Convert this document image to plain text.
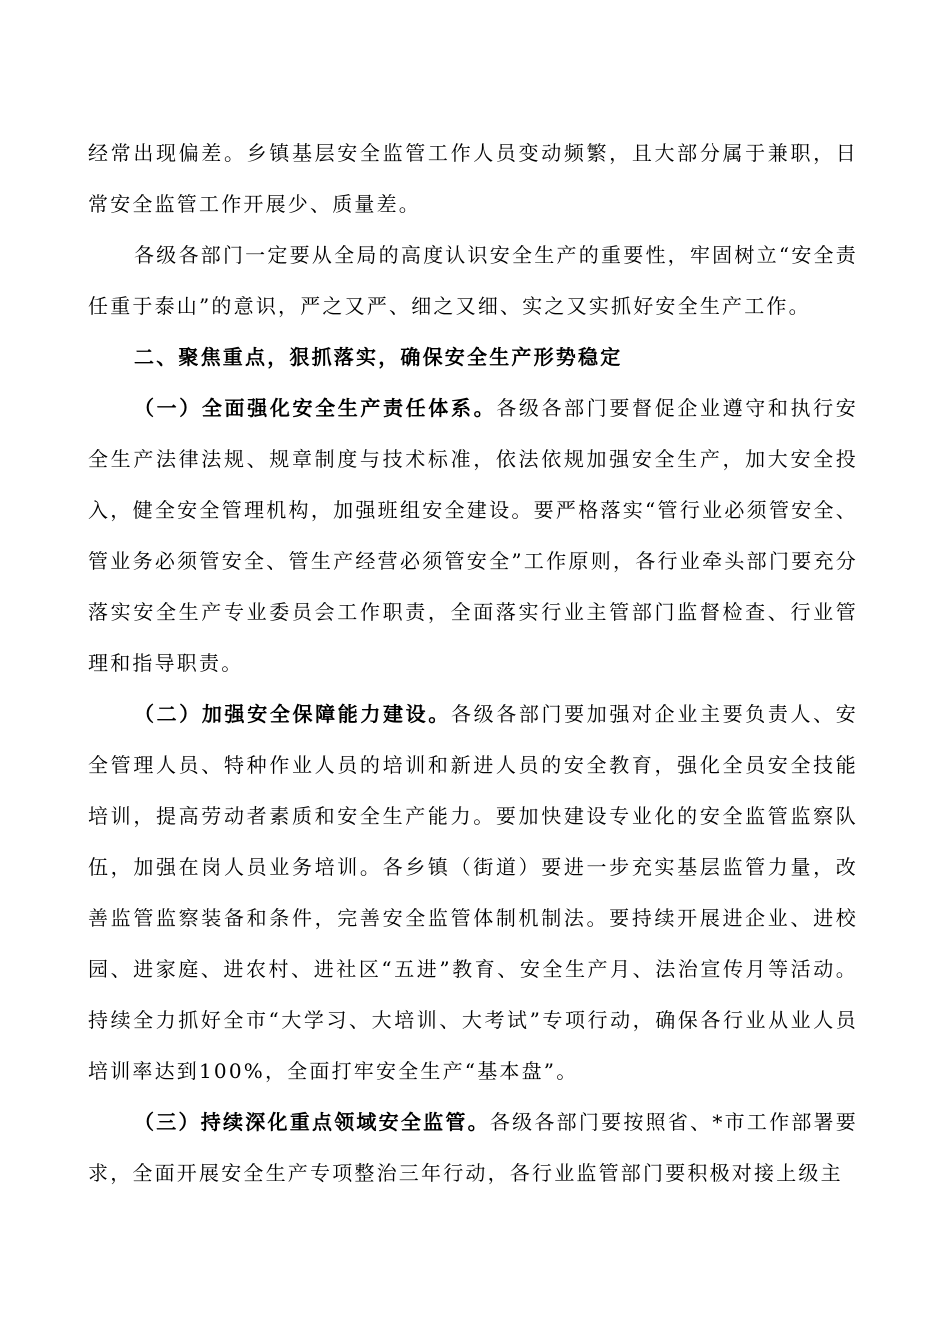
经常出现偏差。乡镇基层安全监管工作人员变动频繁，且大部分属于兼职，日常安全监管工作开展少、质量差。

各级各部门一定要从全局的高度认识安全生产的重要性，牢固树立“安全责任重于泰山”的意识，严之又严、细之又细、实之又实抓好安全生产工作。

二、聚焦重点，狠抓落实，确保安全生产形势稳定

（一）全面强化安全生产责任体系。各级各部门要督促企业遵守和执行安全生产法律法规、规章制度与技术标准，依法依规加强安全生产，加大安全投入，健全安全管理机构，加强班组安全建设。要严格落实“管行业必须管安全、管业务必须管安全、管生产经营必须管安全”工作原则，各行业牵头部门要充分落实安全生产专业委员会工作职责，全面落实行业主管部门监督检查、行业管理和指导职责。

（二）加强安全保障能力建设。各级各部门要加强对企业主要负责人、安全管理人员、特种作业人员的培训和新进人员的安全教育，强化全员安全技能培训，提高劳动者素质和安全生产能力。要加快建设专业化的安全监管监察队伍，加强在岗人员业务培训。各乡镇（街道）要进一步充实基层监管力量，改善监管监察装备和条件，完善安全监管体制机制法。要持续开展进企业、进校园、进家庭、进农村、进社区“五进”教育、安全生产月、法治宣传月等活动。持续全力抓好全市“大学习、大培训、大考试”专项行动，确保各行业从业人员培训率达到100%，全面打牢安全生产“基本盘”。

（三）持续深化重点领域安全监管。各级各部门要按照省、*市工作部署要求，全面开展安全生产专项整治三年行动，各行业监管部门要积极对接上级主
